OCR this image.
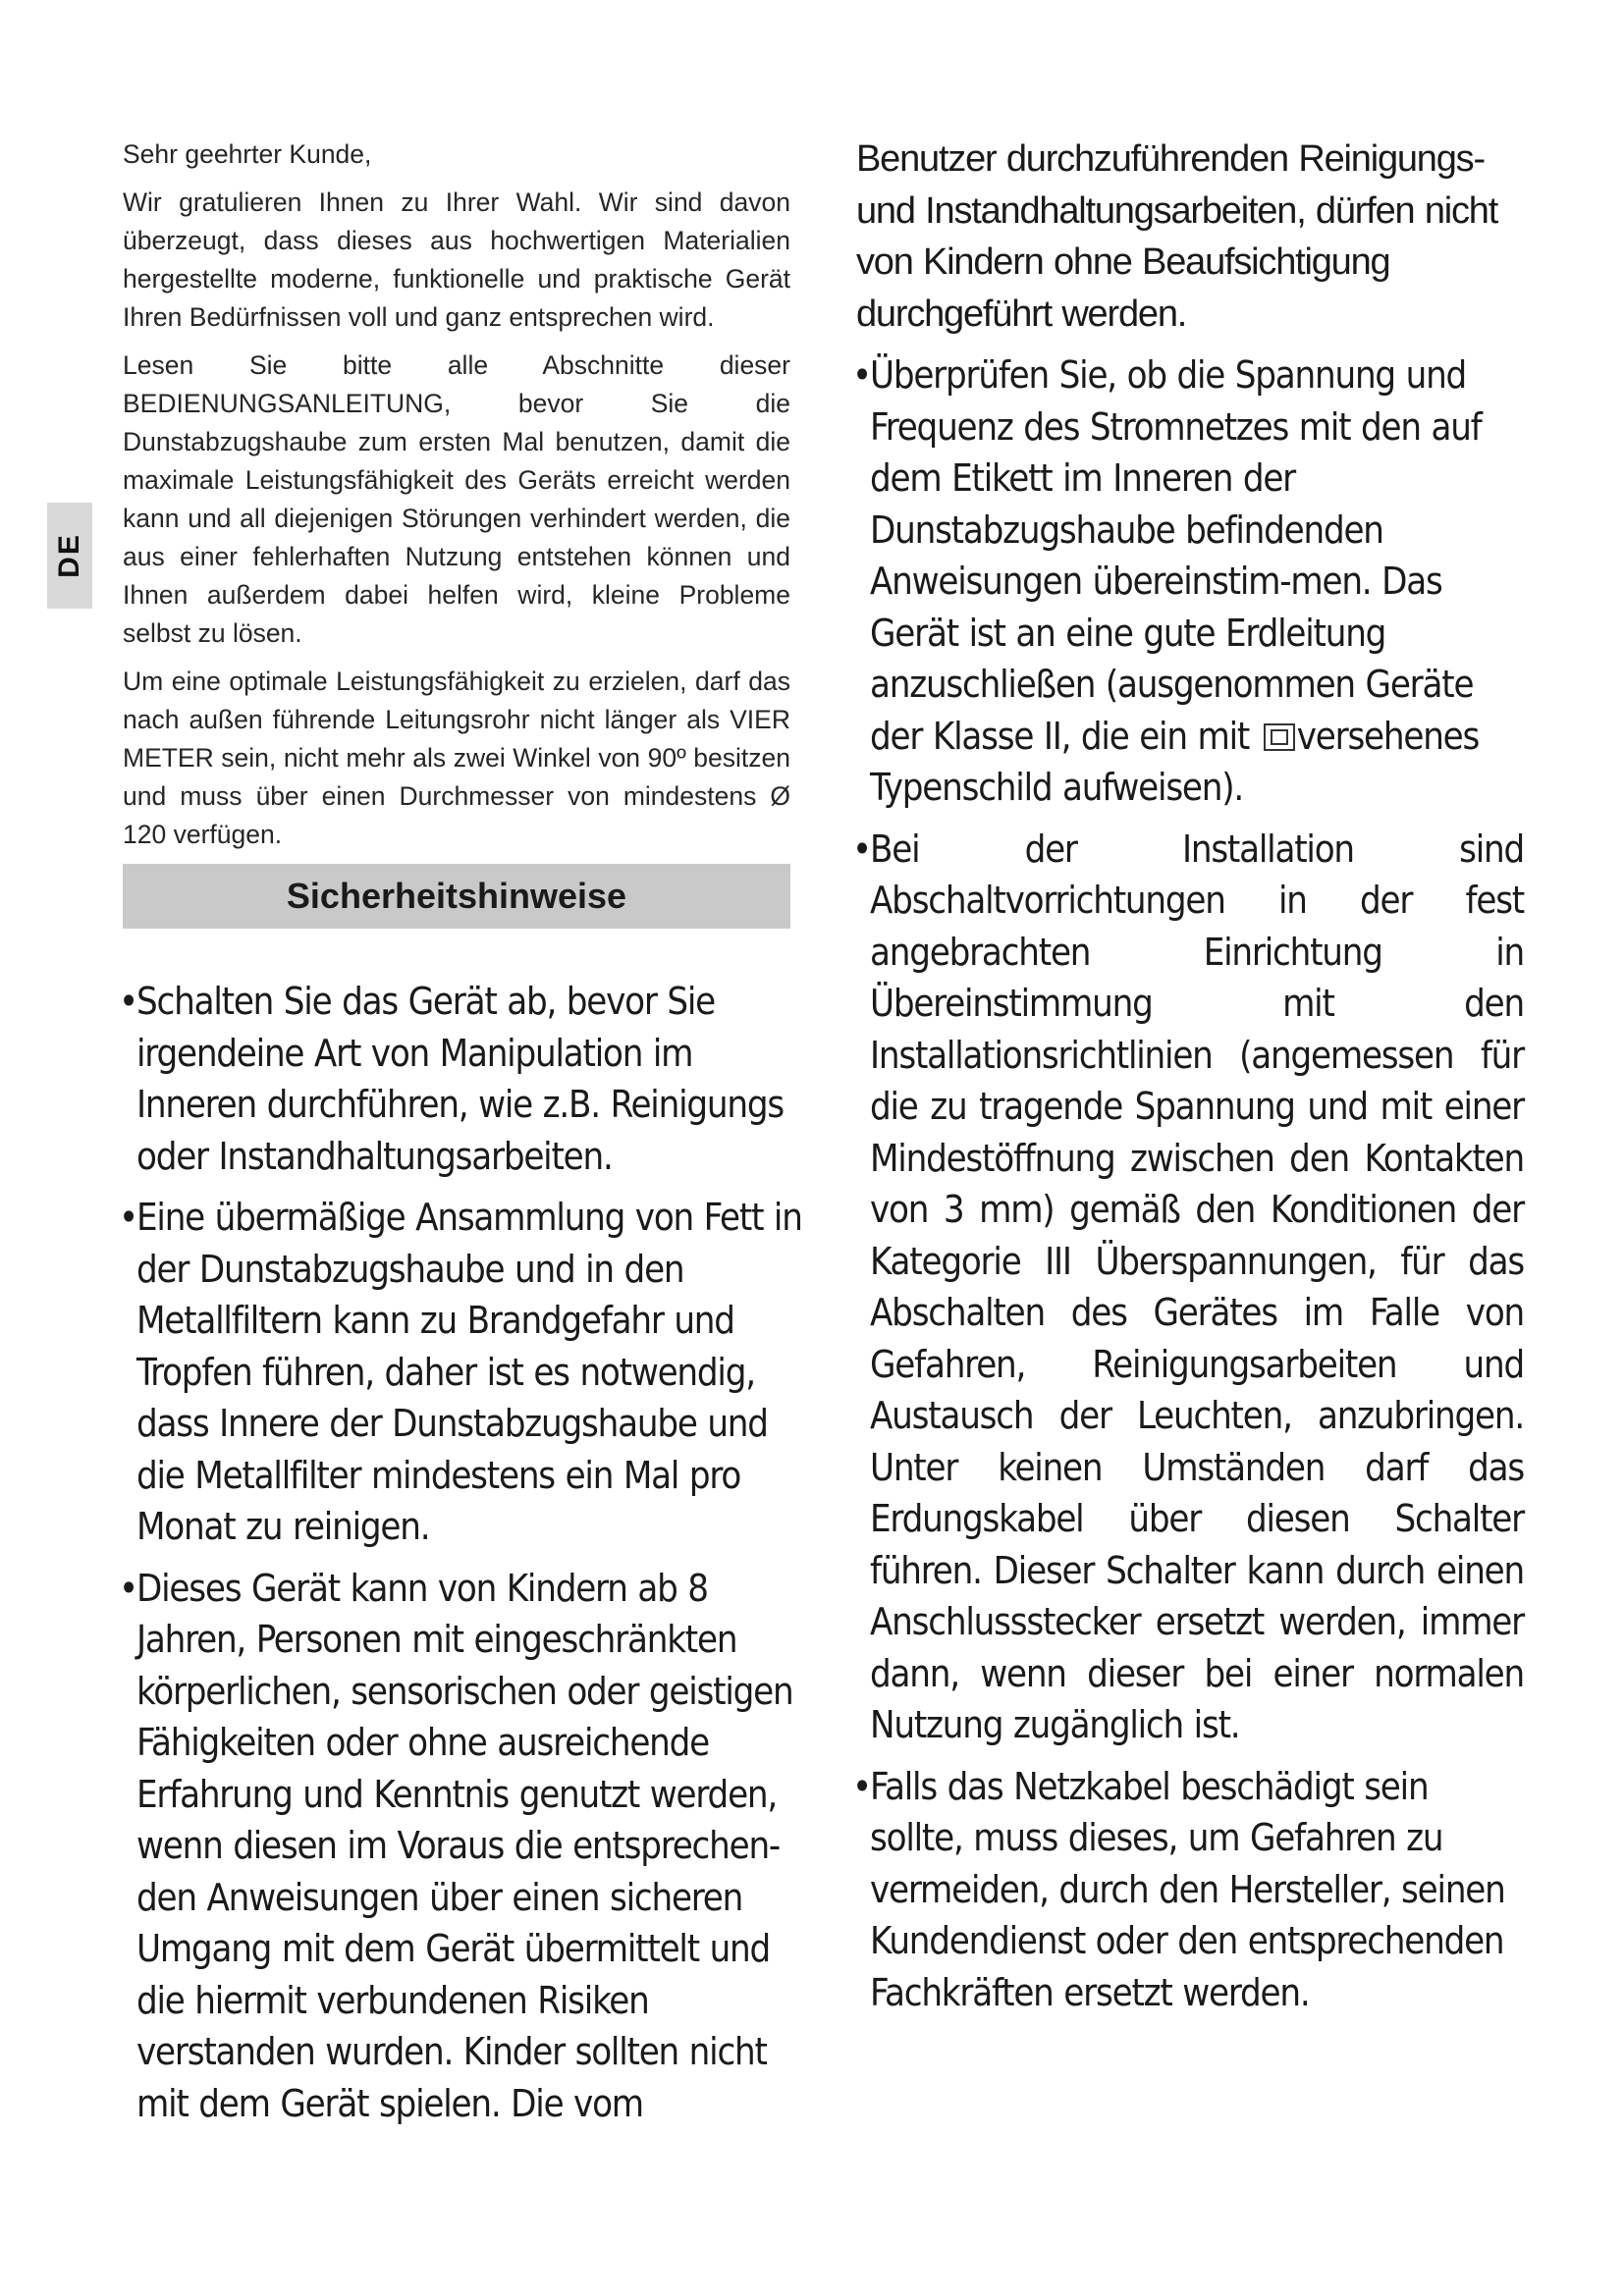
DE

Sehr geehrter Kunde,

Wir gratulieren Ihnen zu Ihrer Wahl. Wir sind davon überzeugt, dass dieses aus hochwertigen Materialien hergestellte moderne, funktionelle und praktische Gerät Ihren Bedürfnissen voll und ganz entsprechen wird.

Lesen Sie bitte alle Abschnitte dieser BEDIENUNGSANLEITUNG, bevor Sie die Dunstabzugshaube zum ersten Mal benutzen, damit die maximale Leistungsfähigkeit des Geräts erreicht werden kann und all diejenigen Störungen verhindert werden, die aus einer fehlerhaften Nutzung entstehen können und Ihnen außerdem dabei helfen wird, kleine Probleme selbst zu lösen.

Um eine optimale Leistungsfähigkeit zu erzielen, darf das nach außen führende Leitungsrohr nicht länger als VIER METER sein, nicht mehr als zwei Winkel von 90º besitzen und muss über einen Durchmesser von mindestens Ø 120 verfügen.

Sicherheitshinweise
• Schalten Sie das Gerät ab, bevor Sie irgendeine Art von Manipulation im Inneren durchführen, wie z.B. Reinigungs oder Instandhaltungsarbeiten.
• Eine übermäßige Ansammlung von Fett in der Dunstabzugshaube und in den Metallfiltern kann zu Brandgefahr und Tropfen führen, daher ist es notwendig, dass Innere der Dunstabzugshaube und die Metallfilter mindestens ein Mal pro Monat zu reinigen.
• Dieses Gerät kann von Kindern ab 8 Jahren, Personen mit eingeschränkten körperlichen, sensorischen oder geistigen Fähigkeiten oder ohne ausreichende Erfahrung und Kenntnis genutzt werden, wenn diesen im Voraus die entsprechen-den Anweisungen über einen sicheren Umgang mit dem Gerät übermittelt und die hiermit verbundenen Risiken verstanden wurden. Kinder sollten nicht mit dem Gerät spielen. Die vom

Benutzer durchzuführenden Reinigungs- und Instandhaltungsarbeiten, dürfen nicht von Kindern ohne Beaufsichtigung durchgeführt werden.

• Überprüfen Sie, ob die Spannung und Frequenz des Stromnetzes mit den auf dem Etikett im Inneren der Dunstabzugshaube befindenden Anweisungen übereinstim-men. Das Gerät ist an eine gute Erdleitung anzuschließen (ausgenommen Geräte der Klasse II, die ein mit versehenes Typenschild aufweisen).
• Bei der Installation sind Abschaltvorrichtungen in der fest angebrachten Einrichtung in Übereinstimmung mit den Installationsrichtlinien (angemessen für die zu tragende Spannung und mit einer Mindestöffnung zwischen den Kontakten von 3 mm) gemäß den Konditionen der Kategorie III Überspannungen, für das Abschalten des Gerätes im Falle von Gefahren, Reinigungsarbeiten und Austausch der Leuchten, anzubringen. Unter keinen Umständen darf das Erdungskabel über diesen Schalter führen. Dieser Schalter kann durch einen Anschlussstecker ersetzt werden, immer dann, wenn dieser bei einer normalen Nutzung zugänglich ist.
• Falls das Netzkabel beschädigt sein sollte, muss dieses, um Gefahren zu vermeiden, durch den Hersteller, seinen Kundendienst oder den entsprechenden Fachkräften ersetzt werden.
